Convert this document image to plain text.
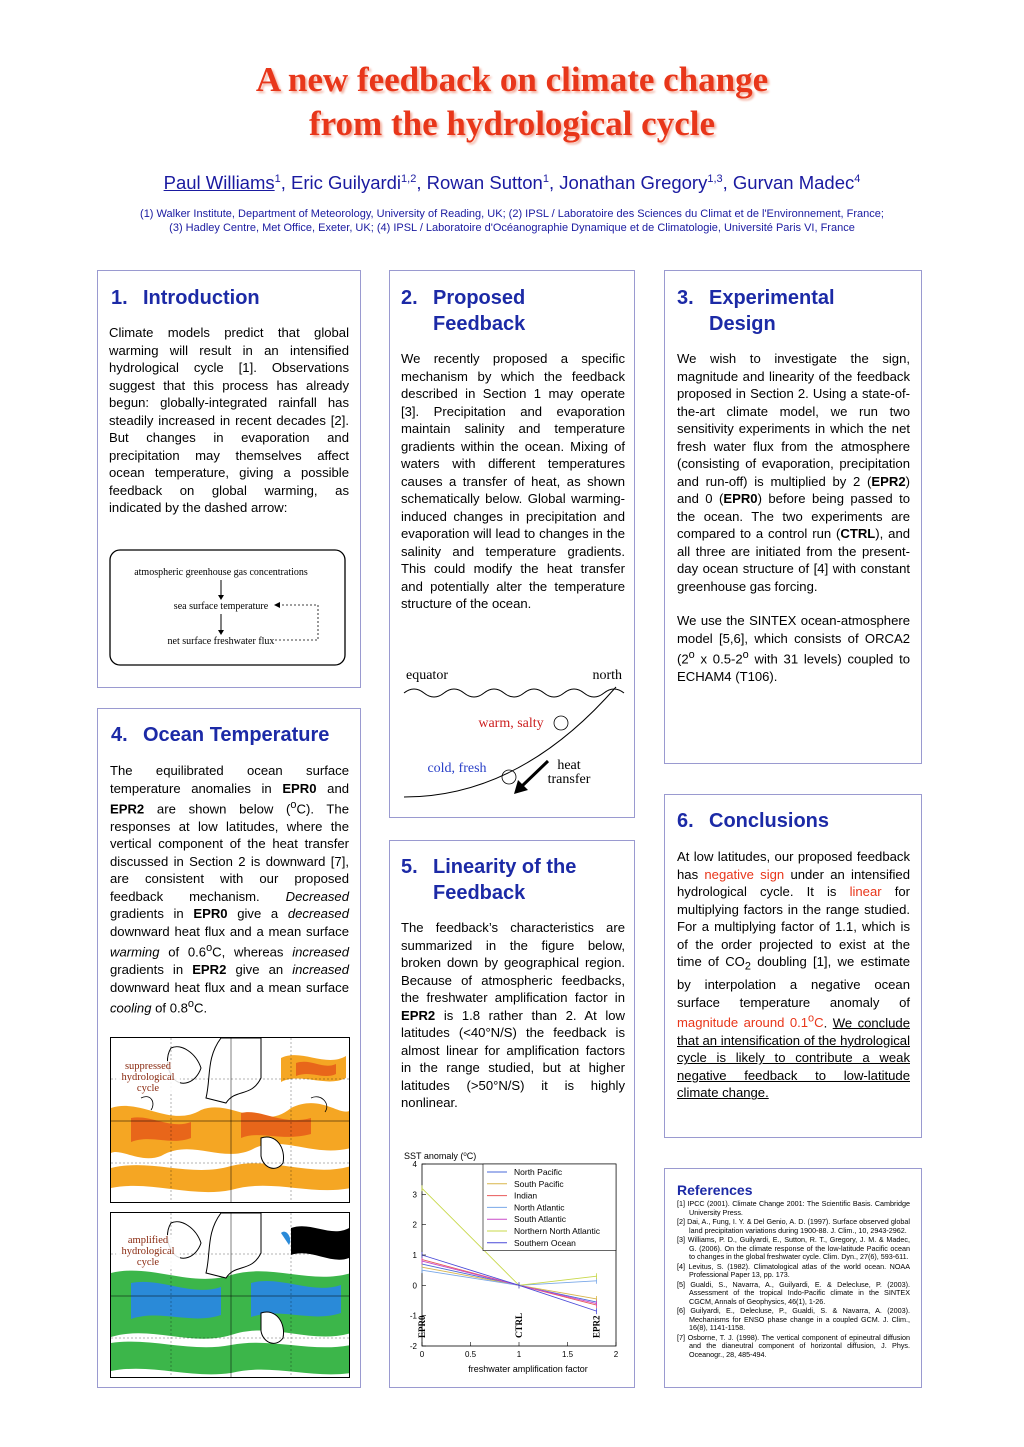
A new feedback on climate change
from the hydrological cycle
Paul Williams$^1$, Eric Guilyardi$^{1,2}$, Rowan Sutton$^1$, Jonathan Gregory$^{1,3}$, Gurvan Madec$^4$
(1) Walker Institute, Department of Meteorology, University of Reading, UK; (2) IPSL / Laboratoire des Sciences du Climat et de l'Environnement, France;
(3) Hadley Centre, Met Office, Exeter, UK; (4) IPSL / Laboratoire d'Océanographie Dynamique et de Climatologie, Université Paris VI, France
1. Introduction
Climate models predict that global warming will result in an intensified hydrological cycle [1]. Observations suggest that this process has already begun: globally-integrated rainfall has steadily increased in recent decades [2]. But changes in evaporation and precipitation may themselves affect ocean temperature, giving a possible feedback on global warming, as indicated by the dashed arrow:
atmospheric greenhouse gas concentrations
sea surface temperature
net surface freshwater flux
2. Proposed
Feedback
We recently proposed a specific mechanism by which the feedback described in Section 1 may operate [3]. Precipitation and evaporation maintain salinity and temperature gradients within the ocean. Mixing of waters with different temperatures causes a transfer of heat, as shown schematically below. Global warming-induced changes in precipitation and evaporation will lead to changes in the salinity and temperature gradients. This could modify the heat transfer and potentially alter the temperature structure of the ocean.
equator	north
warm, salty
cold, fresh	heat
transfer
3. Experimental
Design

We wish to investigate the sign, magnitude and linearity of the feedback proposed in Section 2. Using a state-of-the-art climate model, we run two sensitivity experiments in which the net fresh water flux from the atmosphere (consisting of evaporation, precipitation and run-off) is multiplied by 2 (EPR2) and 0 (EPR0) before being passed to the ocean. The two experiments are compared to a control run (CTRL), and all three are initiated from the present-day ocean structure of [4] with constant greenhouse gas forcing.

We use the SINTEX ocean-atmosphere model [5,6], which consists of ORCA2 (2$^o$ x 0.5-2$^o$ with 31 levels) coupled to ECHAM4 (T106).

4. Ocean Temperature
The equilibrated ocean surface temperature anomalies in EPR0 and EPR2 are shown below ($^o$C). The responses at low latitudes, where the vertical component of the heat transfer discussed in Section 2 is downward [7], are consistent with our proposed feedback mechanism. Decreased gradients in EPR0 give a decreased downward heat flux and a mean surface warming of 0.6$^o$C, whereas increased gradients in EPR2 give an increased downward heat flux and a mean surface cooling of 0.8$^o$C.
suppressed hydrological cycle
amplified hydrological cycle
5. Linearity of the
Feedback
The feedback’s characteristics are summarized in the figure below, broken down by geographical region. Because of atmospheric feedbacks, the freshwater amplification factor in EPR2 is 1.8 rather than 2. At low latitudes (<40°N/S) the feedback is almost linear for amplification factors in the range studied, but at higher latitudes (>50°N/S) it is highly nonlinear.
SST anomaly ($^o$C)
0	0.5	1	1.5	2
-2
-1
0
1
2
3
4
EPR0	CTRL	EPR2
North Pacific
South Pacific
Indian
North Atlantic
South Atlantic
Northern North Atlantic
Southern Ocean
freshwater amplification factor
6. Conclusions
At low latitudes, our proposed feedback has negative sign under an intensified hydrological cycle. It is linear for multiplying factors in the range studied. For a multiplying factor of 1.1, which is of the order projected to exist at the time of $CO_2$ doubling [1], we estimate by interpolation a negative ocean surface temperature anomaly of magnitude around 0.1$^o$C. We conclude that an intensification of the hydrological cycle is likely to contribute a weak negative feedback to low-latitude climate change.
References
[1] IPCC (2001). Climate Change 2001: The Scientific Basis. Cambridge University Press.
[2] Dai, A., Fung, I. Y. & Del Genio, A. D. (1997). Surface observed global land precipitation variations during 1900-88. J. Clim., 10, 2943-2962.
[3] Williams, P. D., Guilyardi, E., Sutton, R. T., Gregory, J. M. & Madec, G. (2006). On the climate response of the low-latitude Pacific ocean to changes in the global freshwater cycle. Clim. Dyn., 27(6), 593-611.
[4] Levitus, S. (1982). Climatological atlas of the world ocean. NOAA Professional Paper 13, pp. 173.
[5] Gualdi, S., Navarra, A., Guilyardi, E. & Delecluse, P. (2003). Assessment of the tropical Indo-Pacific climate in the SINTEX CGCM, Annals of Geophysics, 46(1), 1-26.
[6] Guilyardi, E., Delecluse, P., Gualdi, S. & Navarra, A. (2003). Mechanisms for ENSO phase change in a coupled GCM. J. Clim., 16(8), 1141-1158.
[7] Osborne, T. J. (1998). The vertical component of epineutral diffusion and the dianeutral component of horizontal diffusion, J. Phys. Oceanogr., 28, 485-494.
